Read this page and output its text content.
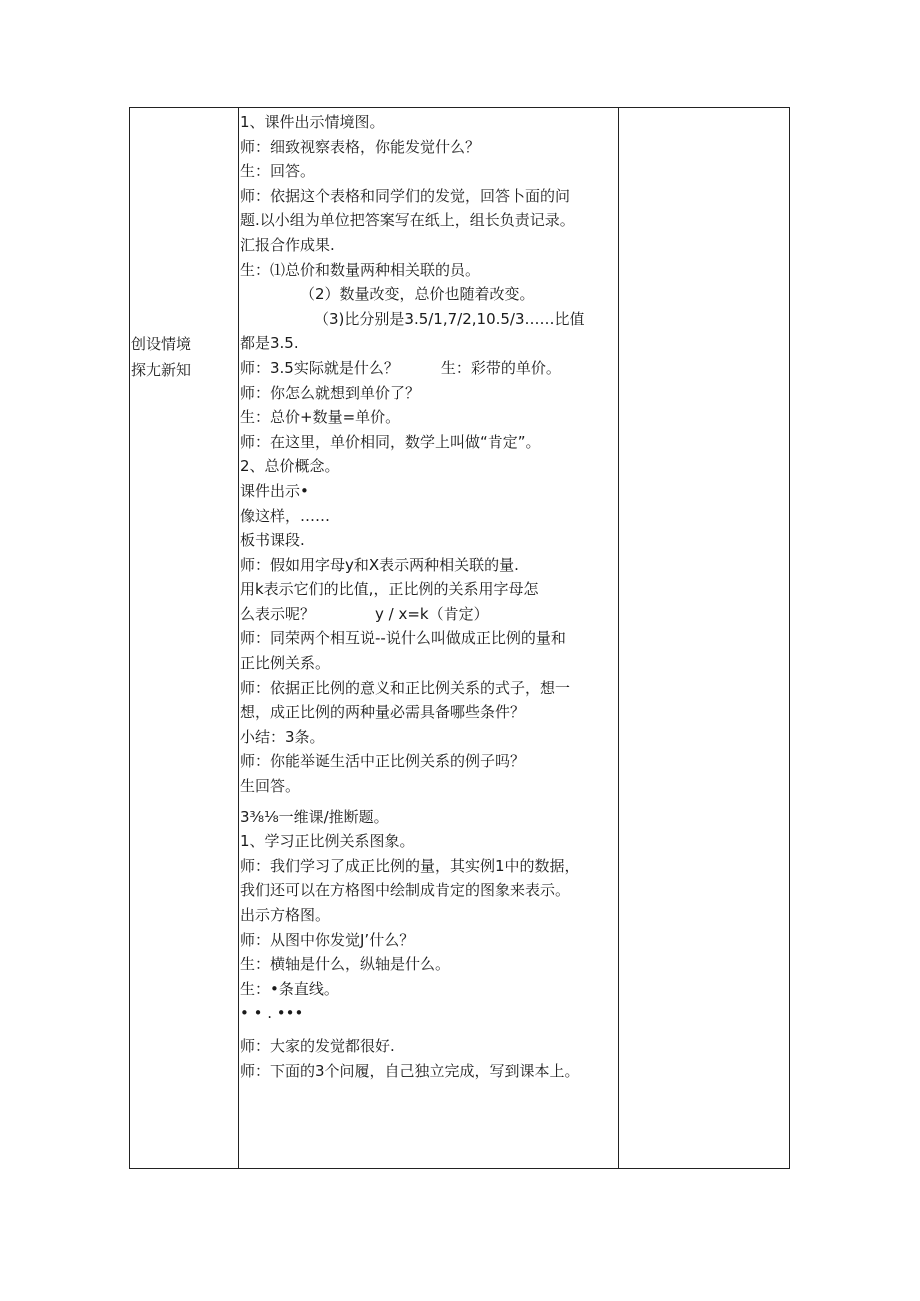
创设情境
探尢新知
1、课件出示情境图。
师：细致视察表格，你能发觉什么？
生：回答。
师：依据这个表格和同学们的发觉，回答卜面的问
题.以小组为单位把答案写在纸上，组长负责记录。
汇报合作成果.
生：⑴总价和数量两种相关联的员。
（2）数量改变，总价也随着改变。
（3)比分别是3.5/1,7/2,10.5/3……比值
都是3.5.
师：3.5实际就是什么？	生：彩带的单价。
师：你怎么就想到单价了？
生：总价+数量=单价。
师：在这里，单价相同，数学上叫做“肯定”。
2、总价概念。
课件出示•
像这样，……
板书课段.
师：假如用字母y和X表示两种相关联的量.
用k表示它们的比值,，正比例的关系用字母怎
么表示呢？	y / x=k（肯定）
师：同荣两个相互说--说什么叫做成正比例的量和
正比例关系。
师：依据正比例的意义和正比例关系的式子，想一
想，成正比例的两种量必需具备哪些条件？
小结：3条。
师：你能举诞生活中正比例关系的例子吗？
生回答。
3⅜⅛一维课/推断题。
1、学习正比例关系图象。
师：我们学习了成正比例的量，其实例1中的数据，
我们还可以在方格图中绘制成肯定的图象来表示。
出示方格图。
师：从图中你发觉J’什么？
生：横轴是什么，纵轴是什么。
生：•条直线。
• • . •••
师：大家的发觉都很好.
师：下面的3个问履，自己独立完成，写到课本上。
